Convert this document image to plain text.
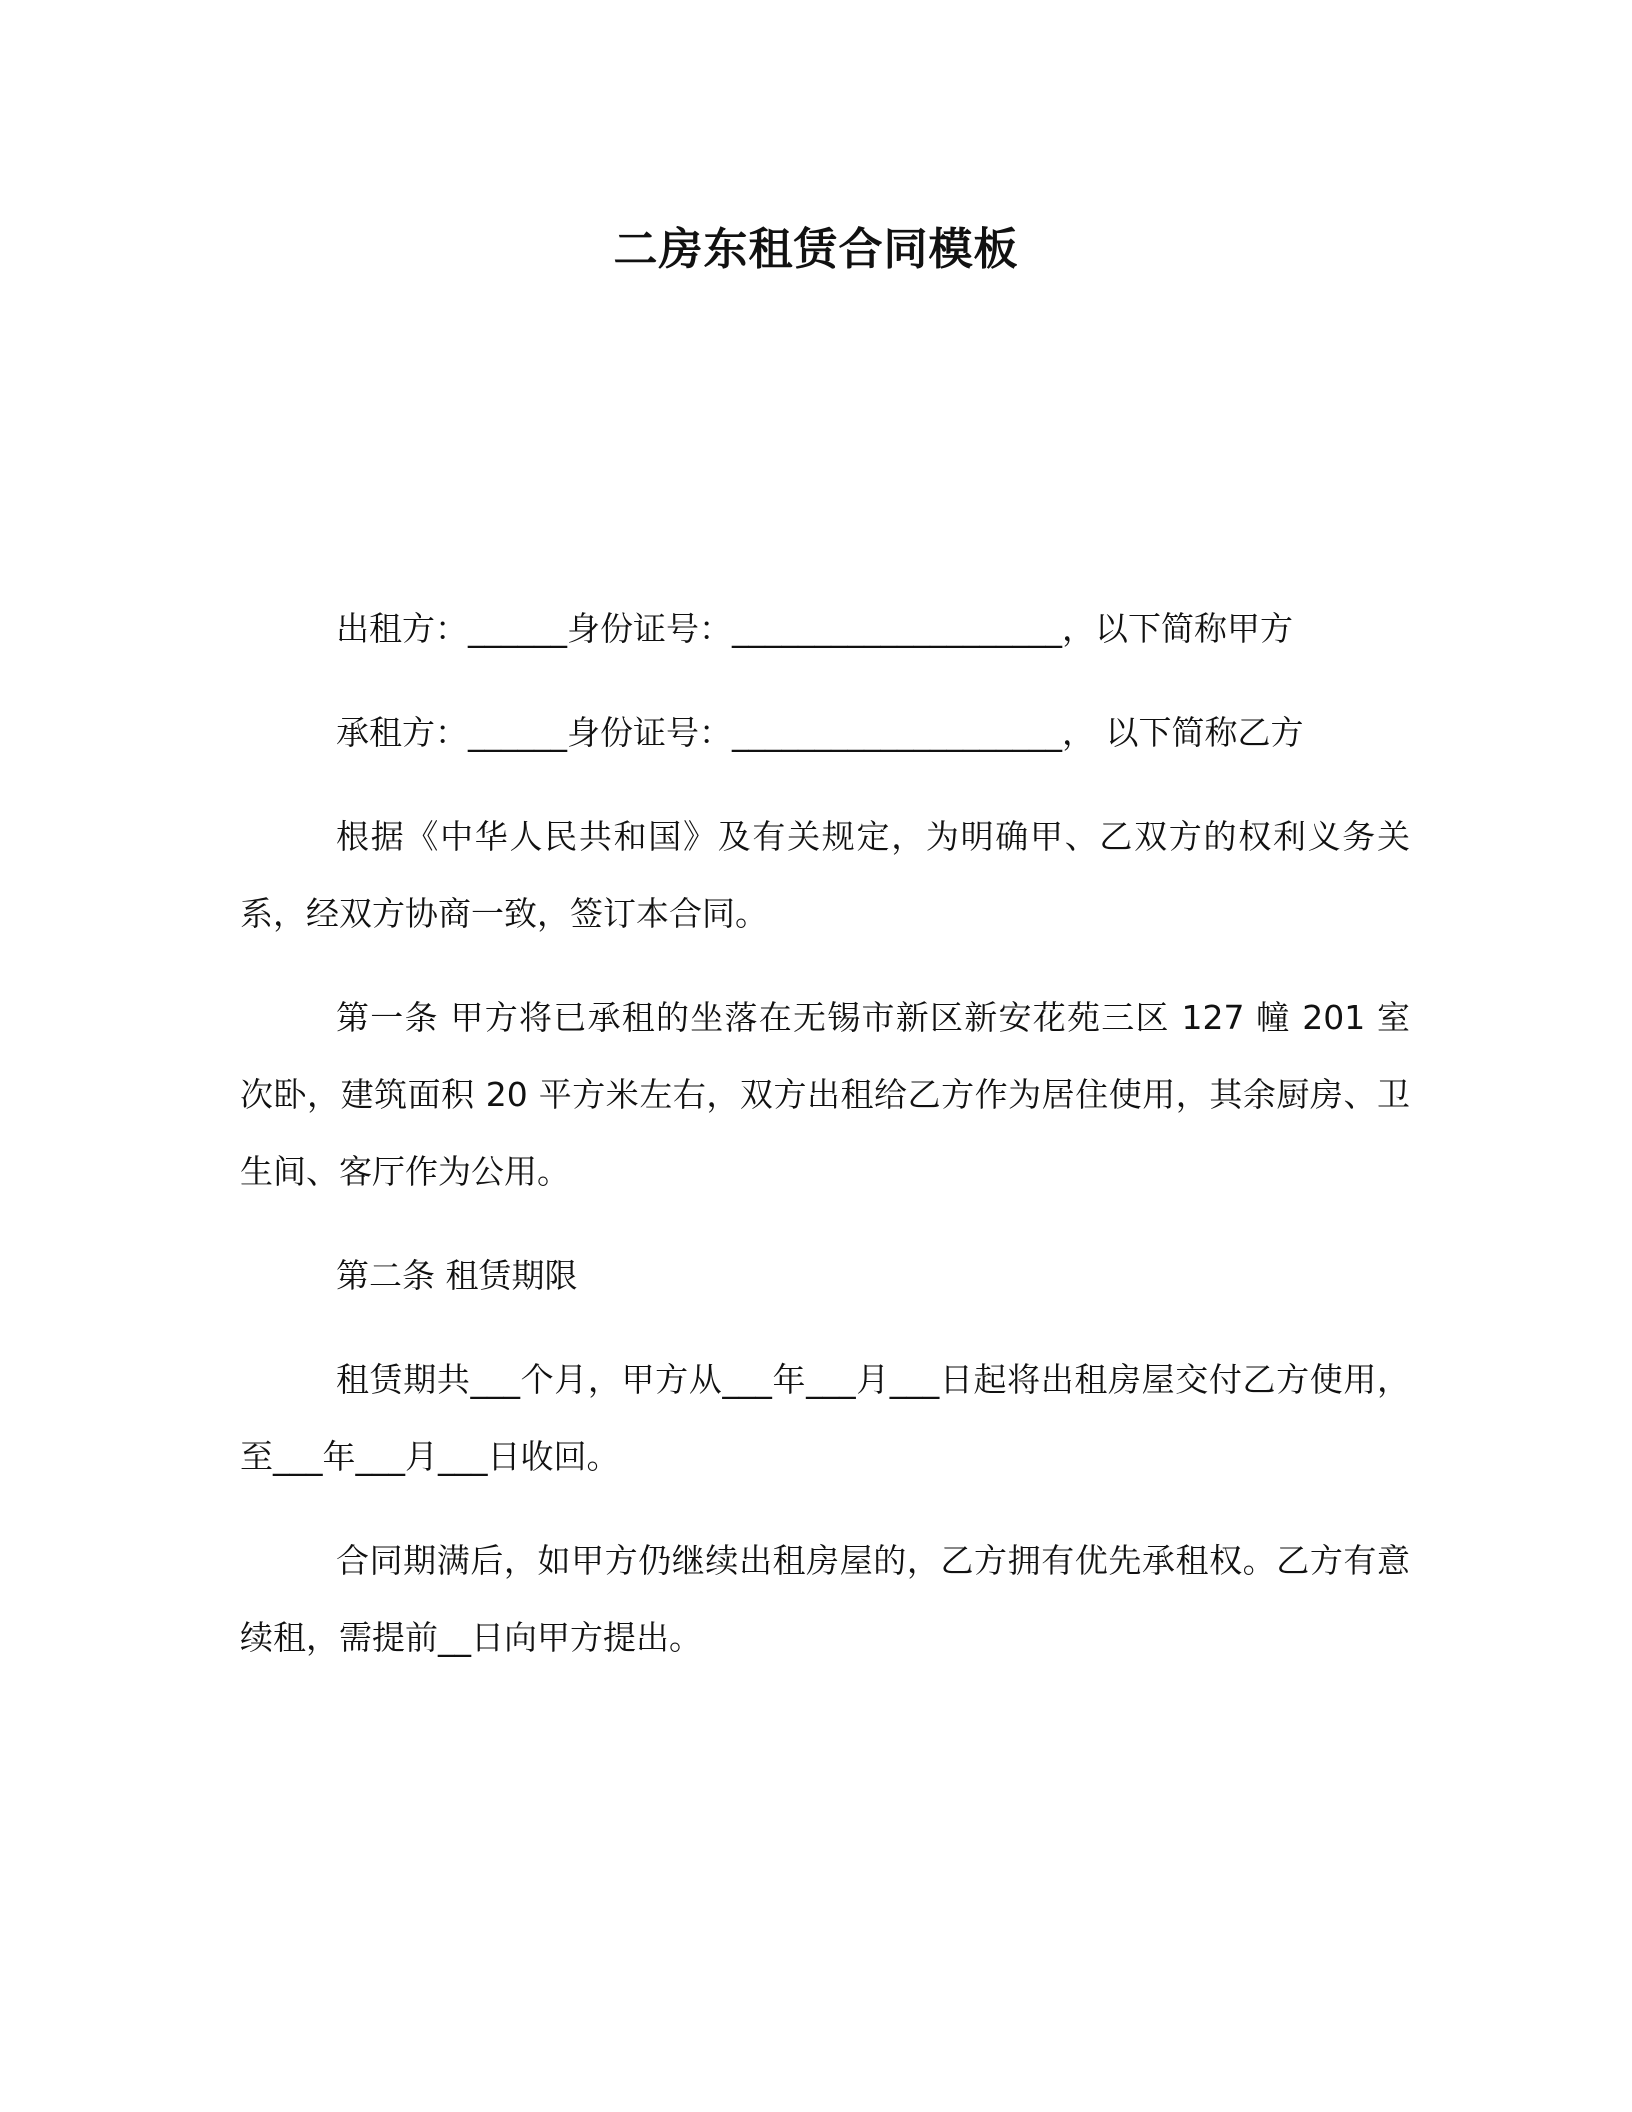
二房东租赁合同模板

出租方：______身份证号：____________________，以下简称甲方

承租方：______身份证号：____________________， 以下简称乙方

根据《中华人民共和国》及有关规定，为明确甲、乙双方的权利义务关系，经双方协商一致，签订本合同。

第一条 甲方将已承租的坐落在无锡市新区新安花苑三区 127 幢 201 室 次卧，建筑面积 20 平方米左右，双方出租给乙方作为居住使用，其余厨房、卫生间、客厅作为公用。

第二条 租赁期限

租赁期共___个月，甲方从___年___月___日起将出租房屋交付乙方使用，至___年___月___日收回。

合同期满后，如甲方仍继续出租房屋的，乙方拥有优先承租权。乙方有意续租，需提前__日向甲方提出。
